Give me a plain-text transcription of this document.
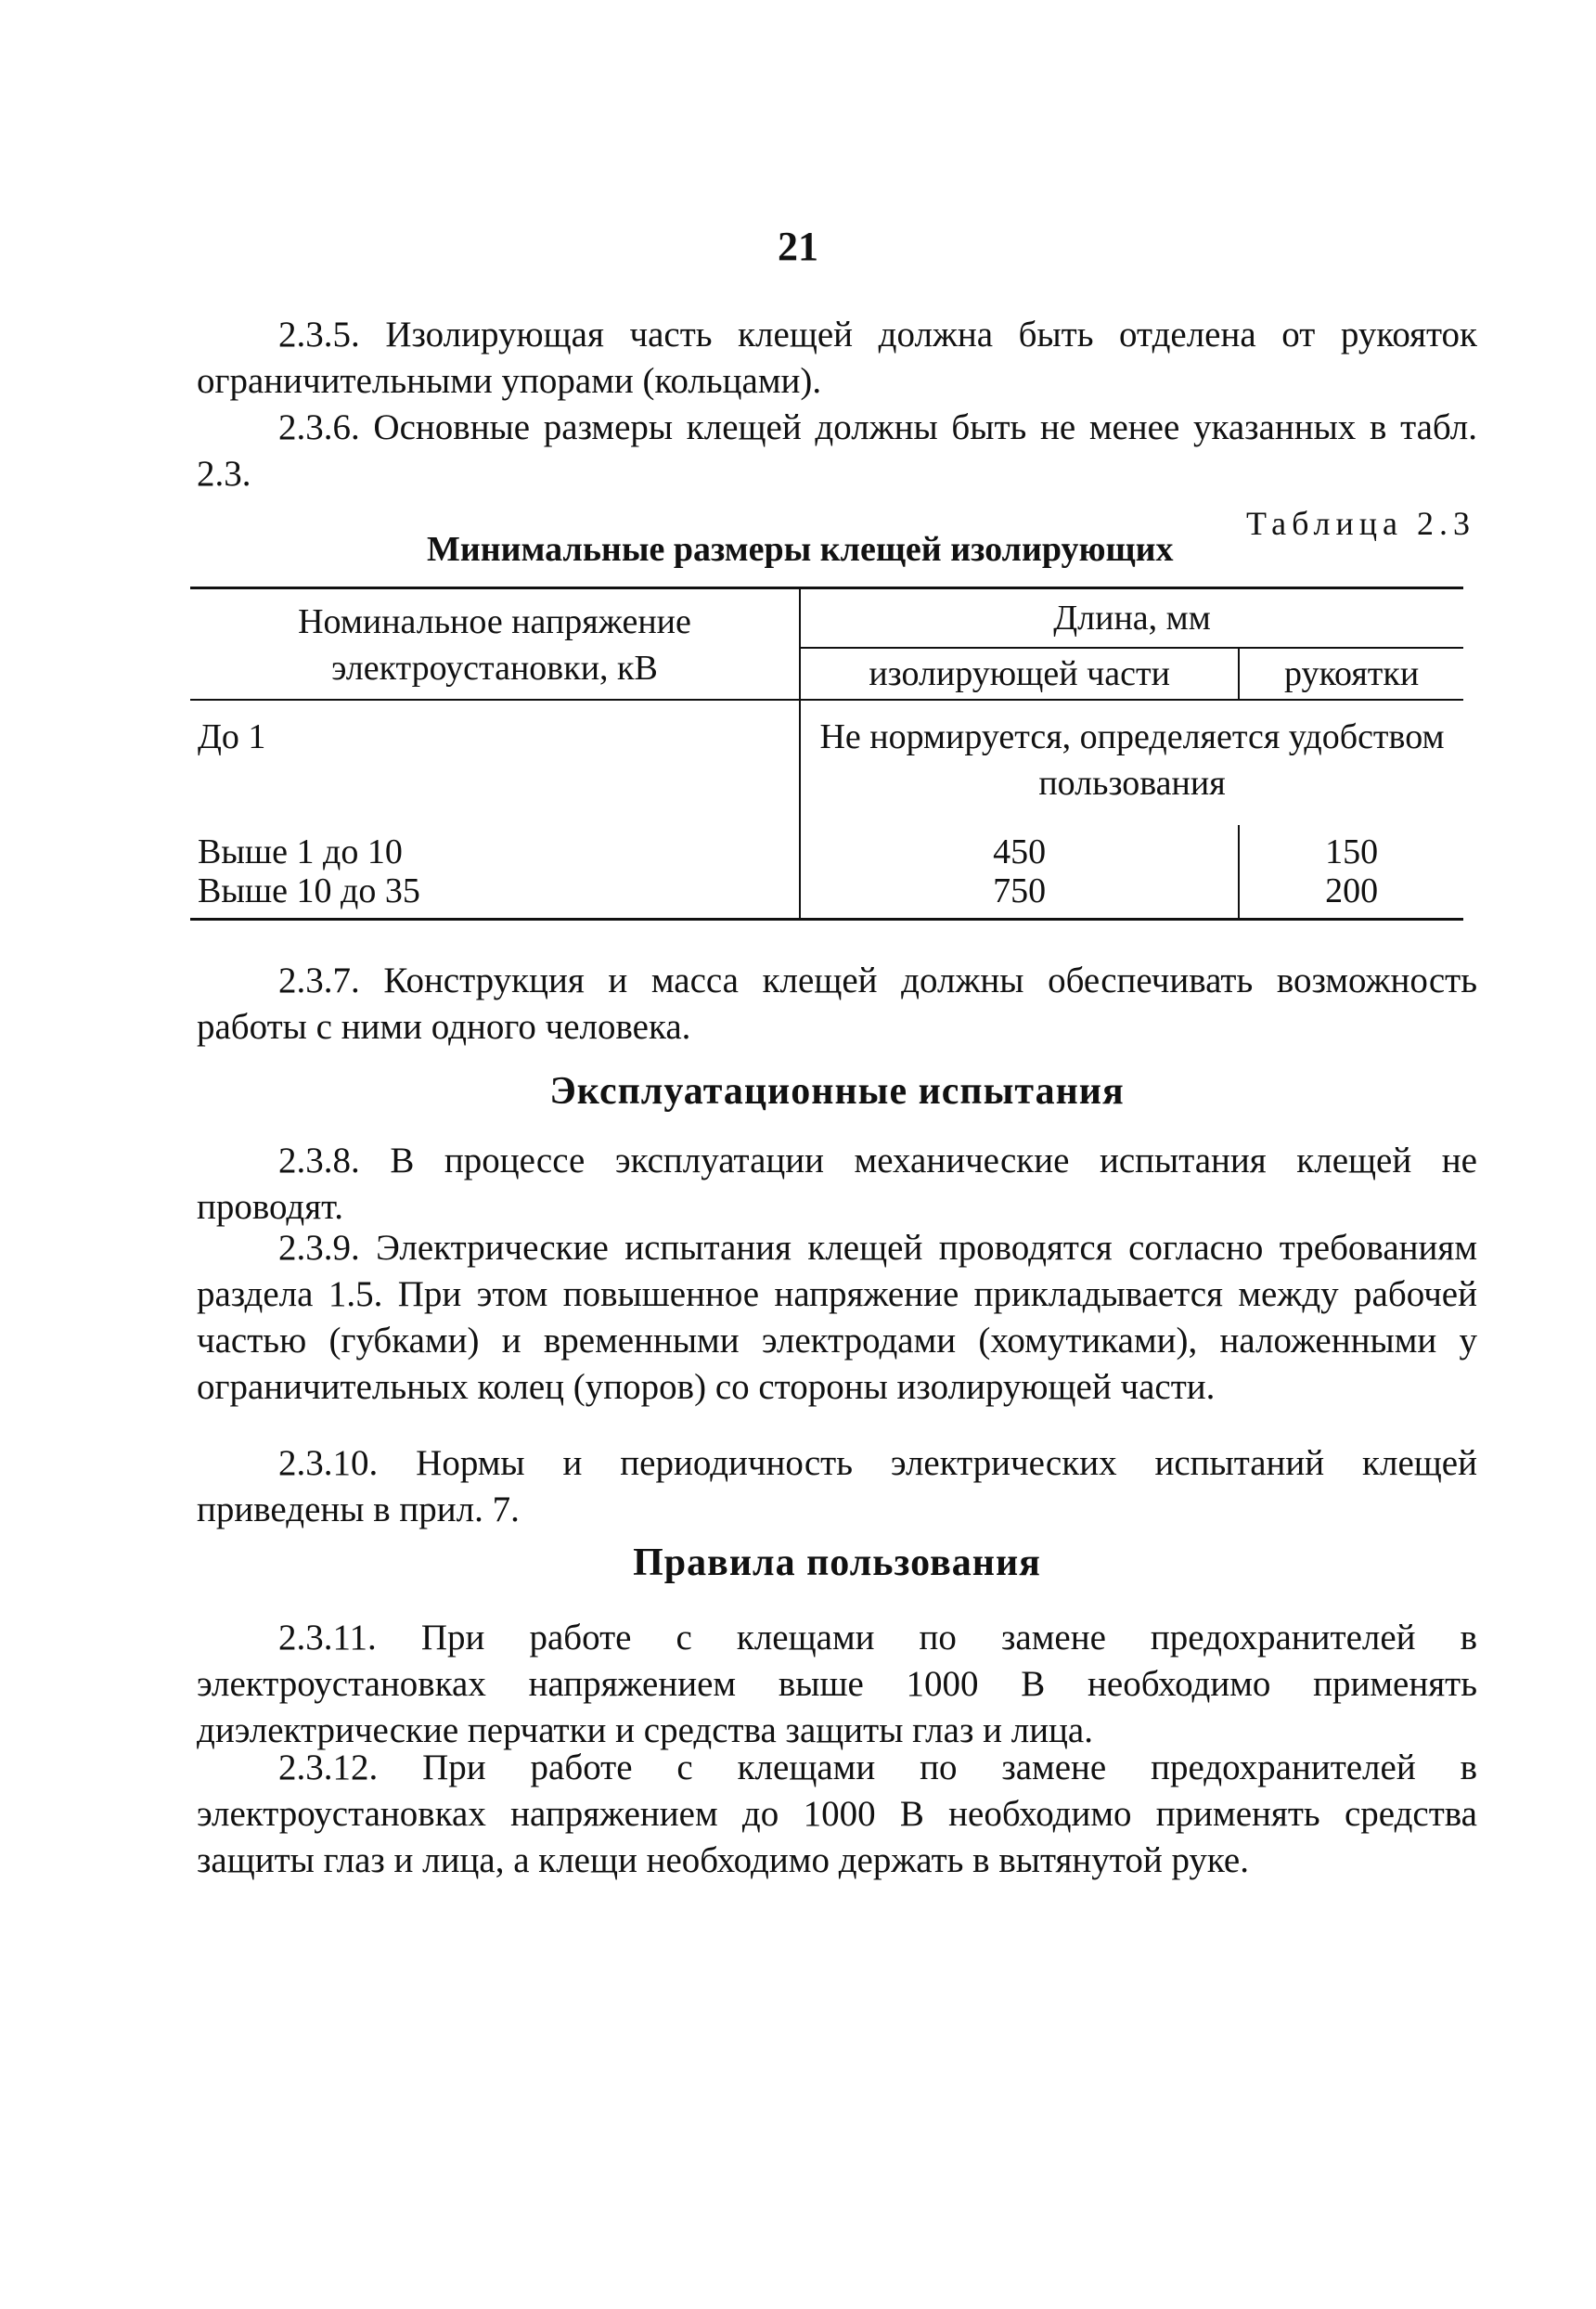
21

2.3.5. Изолирующая часть клещей должна быть отделена от рукояток ограничительными упорами (кольцами).

2.3.6. Основные размеры клещей должны быть не менее указанных в табл. 2.3.

Таблица 2.3
Минимальные размеры клещей изолирующих
Номинальное напряжение электроустановки, кВ	Длина, мм	
	изолирующей части	рукоятки
До 1	Не нормируется, определяется удобством пользования	
Выше 1 до 10	450	150
Выше 10 до 35	750	200

2.3.7. Конструкция и масса клещей должны обеспечивать возможность работы с ними одного человека.

Эксплуатационные испытания

2.3.8. В процессе эксплуатации механические испытания клещей не проводят.

2.3.9. Электрические испытания клещей проводятся согласно требованиям раздела 1.5. При этом повышенное напряжение прикладывается между рабочей частью (губками) и временными электродами (хомутиками), наложенными у ограничительных колец (упоров) со стороны изолирующей части.

2.3.10. Нормы и периодичность электрических испытаний клещей приведены в прил. 7.

Правила пользования

2.3.11. При работе с клещами по замене предохранителей в электроустановках напряжением выше 1000 В необходимо применять диэлектрические перчатки и средства защиты глаз и лица.

2.3.12. При работе с клещами по замене предохранителей в электроустановках напряжением до 1000 В необходимо применять средства защиты глаз и лица, а клещи необходимо держать в вытянутой руке.
